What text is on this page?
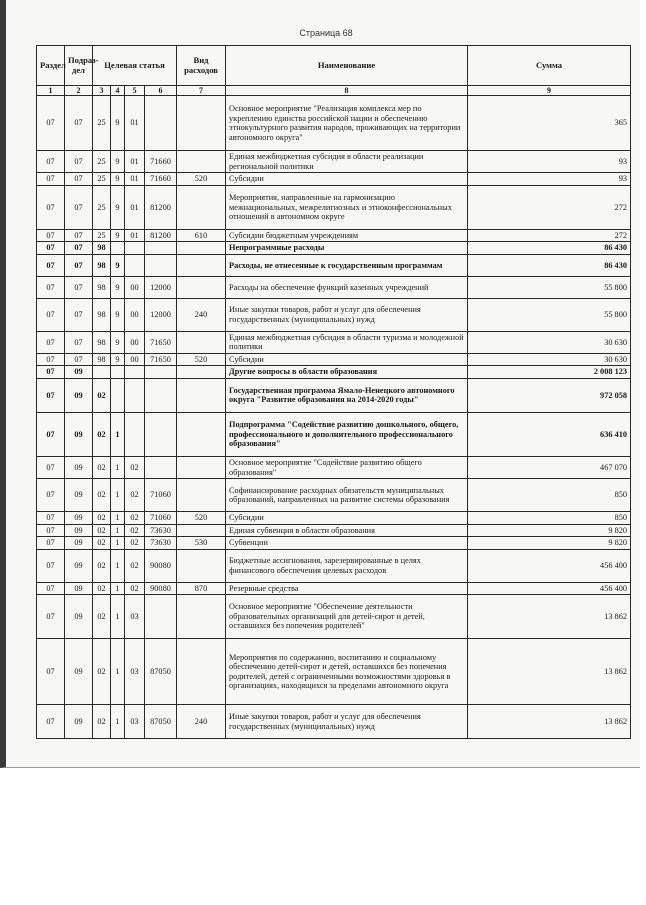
Страница 68
Раздел	Подраз-дел	Целевая статья				Вид расходов	Наименование	Сумма
1	2	3	4	5	6	7	8	9
07	07	25	9	01			Основное мероприятие "Реализация комплекса мер по укреплению единства российской нации и обеспечению этнокультурного развития народов, проживающих на территории автономного округа"	365
07	07	25	9	01	71660		Единая межбюджетная субсидия в области реализации региональной политики	93
07	07	25	9	01	71660	520	Субсидии	93
07	07	25	9	01	81200		Мероприятия, направленные на гармонизацию межнациональных, межрелигиозных и этноконфессиональных отношений в автономном округе	272
07	07	25	9	01	81200	610	Субсидии бюджетным учреждениям	272
07	07	98					Непрограммные расходы	86 430
07	07	98	9				Расходы, не отнесенные к государственным программам	86 430
07	07	98	9	00	12000		Расходы на обеспечение функций казенных учреждений	55 800
07	07	98	9	00	12000	240	Иные закупки товаров, работ и услуг для обеспечения государственных (муниципальных) нужд	55 800
07	07	98	9	00	71650		Единая межбюджетная субсидия в области туризма и молодежной политики	30 630
07	07	98	9	00	71650	520	Субсидии	30 630
07	09						Другие вопросы в области образования	2 008 123
07	09	02					Государственная программа Ямало-Ненецкого автономного округа "Развитие образования на 2014-2020 годы"	972 058
07	09	02	1				Подпрограмма "Содействие развитию дошкольного, общего, профессионального и дополнительного профессионального образования"	636 410
07	09	02	1	02			Основное мероприятие "Содействие развитию общего образования"	467 070
07	09	02	1	02	71060		Софинансирование расходных обязательств муниципальных образований, направленных на развитие системы образования	850
07	09	02	1	02	71060	520	Субсидии	850
07	09	02	1	02	73630		Единая субвенция в области образования	9 820
07	09	02	1	02	73630	530	Субвенции	9 820
07	09	02	1	02	90080		Бюджетные ассигнования, зарезервированные в целях финансового обеспечения целевых расходов	456 400
07	09	02	1	02	90080	870	Резервные средства	456 400
07	09	02	1	03			Основное мероприятие "Обеспечение деятельности образовательных организаций для детей-сирот и детей, оставшихся без попечения родителей"	13 862
07	09	02	1	03	87050		Мероприятия по содержанию, воспитанию и социальному обеспечению детей-сирот и детей, оставшихся без попечения родителей, детей с ограниченными возможностями здоровья в организациях, находящихся за пределами автономного округа	13 862
07	09	02	1	03	87050	240	Иные закупки товаров, работ и услуг для обеспечения государственных (муниципальных) нужд	13 862
